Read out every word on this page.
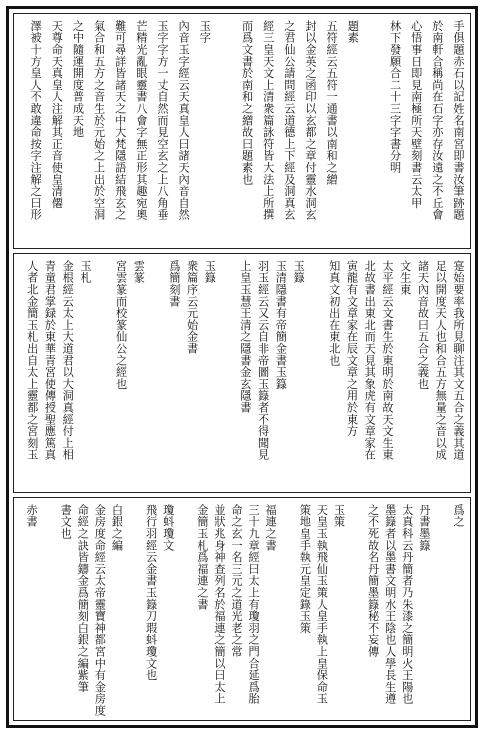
手俱題赤石以記姓名南宮即書汝筆跡題
於南軒合稱尚在石字亦存汝遠之不丘會
心悟事日即見南極所天壁刻書云太甲
林下發願合二十三字字書分明
題素
五符經云五符一通書以南和之繒
封以金英之函印以玄都之章付靈水洞玄
之君仙公請問經云道德上下經及洞真玄
經三皇天文上清衆篇詠符皆大法上所撰
而爲文書於南和之繒故曰題素也
玉字
內音玉字經云天真皇人曰諸天內音自然
玉字字方一丈自然而見空玄之上八角垂
芒精光亂眼靈書八會字無正形其趣宛奧
難可尋詳皆諸天之中大梵隱語結飛玄之
氣合和五方之音生於元始之上出於空洞
之中隨運開度普成天地
天尊命天真皇人注解其正音使皇清僊
澤被十方皇人不敢違命按字注解之曰形
寔始要率我所見聊注其文五合之義其道
足以開度天人也和合五方無量之音以成
諸天內音故曰五合之義也
文生東
太平經云文書生於東明於南故天文生東
北故書出東北而天見其象虎有文章家在
寅龍有文章家在辰文章之用於東方
知真文初出在東北也
玉籙
玉清隱書有帝簡金書玉籙
羽玉經云又云自非帝圖玉籙者不得聞見
上皇玉慧王清之隱書金玄隱書
玉籙
衆篇序云元始金書
爲簡刻書
雲篆
宮雲篆而校篆仙公之經也
玉札
金根經云太上大道君以大洞真經付上相
青童君掌録於東華青宮使傳授聖應篤真
人者北金簡玉札出自太上靈都之宮刻玉
爲之
丹書墨籙
太真科云丹簡者乃朱漆之簡明火王陽也
墨籙者以墨書文明水王陰也人學長生遵
之不死故名丹簡墨籙秘不妄傳
玉策
天皇玉執飛仙玉策人皇手執上皇保命玉
策地皇手執元皇定錄玉策
福連之書
三十九章經曰太上有瓊羽之門合延爲胎
命之玄一名三元之道光老之常
並狀兆身神查列名於福連之簡以曰太上
金簡玉札爲福連之書
瓊蚪瓊文
飛行羽經云金書玉籙刀瑕蚪瓊文也
白銀之編
金房度命經云太帝靈寶神都宮中有金房度
命經之訣皆鑄金爲簡刻白銀之編紫筆
書文也
赤書
